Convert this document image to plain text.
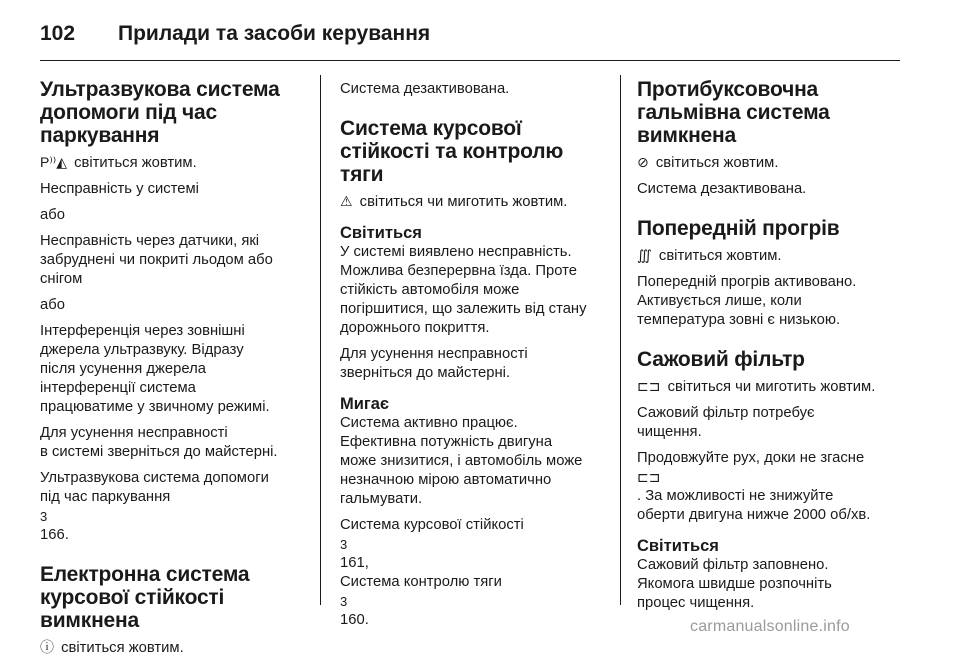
102	Прилади та засоби керування
Ультразвукова система
допомоги під час
паркування

P⁾⁾◭ світиться жовтим.

Несправність у системі

або

Несправність через датчики, які
забруднені чи покриті льодом або
снігом

або

Інтерференція через зовнішні
джерела ультразвуку. Відразу
після усунення джерела
інтерференції система
працюватиме у звичному режимі.

Для усунення несправності
в системі зверніться до майстерні.

Ультразвукова система допомоги
під час паркування
3
166.

Електронна система
курсової стійкості
вимкнена

ⓘ світиться жовтим.

Система дезактивована.

Система курсової
стійкості та контролю
тяги

⚠ світиться чи миготить жовтим.

Світиться

У системі виявлено несправність.
Можлива безперервна їзда. Проте
стійкість автомобіля може
погіршитися, що залежить від стану
дорожнього покриття.

Для усунення несправності
зверніться до майстерні.

Мигає

Система активно працює.
Ефективна потужність двигуна
може знизитися, і автомобіль може
незначною мірою автоматично
гальмувати.

Система курсової стійкості
3
161,
Система контролю тяги
3
160.

Протибуксовочна
гальмівна система
вимкнена

⊘ світиться жовтим.

Система дезактивована.

Попередній прогрів

∭ світиться жовтим.

Попередній прогрів активовано.
Активується лише, коли
температура зовні є низькою.

Сажовий фільтр

⊏⊐ світиться чи миготить жовтим.

Сажовий фільтр потребує
чищення.

Продовжуйте рух, доки не згасне
⊏⊐
. За можливості не знижуйте
оберти двигуна нижче 2000 об/хв.

Світиться

Сажовий фільтр заповнено.
Якомога швидше розпочніть
процес чищення.

carmanualsonline.info
